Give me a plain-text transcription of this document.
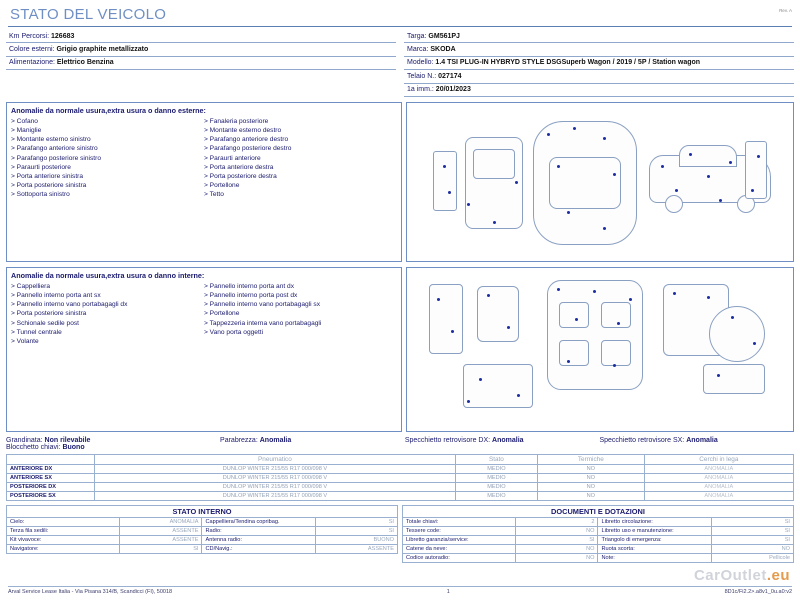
Rev. A
STATO DEL VEICOLO
Km Percorsi: 126683
Colore esterni: Grigio graphite metallizzato
Alimentazione: Elettrico Benzina
Targa: GM561PJ
Marca: SKODA
Modello: 1.4 TSI PLUG-IN HYBRYD STYLE DSGSuperb Wagon / 2019 / 5P / Station wagon
Telaio N.: 027174
1a imm.: 20/01/2023
Anomalie da normale usura,extra usura o danno esterne:
> Cofano
> Maniglie
> Montante esterno sinistro
> Parafango anteriore sinistro
> Parafango posteriore sinistro
> Paraurti posteriore
> Porta anteriore sinistra
> Porta posteriore sinistra
> Sottoporta sinistro
> Fanaleria posteriore
> Montante esterno destro
> Parafango anteriore destro
> Parafango posteriore destro
> Paraurti anteriore
> Porta anteriore destra
> Porta posteriore destra
> Portellone
> Tetto
Anomalie da normale usura,extra usura o danno interne:
> Cappelliera
> Pannello interno porta ant sx
> Pannello interno vano portabagagli dx
> Porta posteriore sinistra
> Schionale sedile post
> Tunnel centrale
> Volante
> Pannello interno porta ant dx
> Pannello interno porta post dx
> Pannello interno vano portabagagli sx
> Portellone
> Tappezzeria interna vano portabagagli
> Vano porta oggetti
Grandinata: Non rilevabile
Blocchetto chiavi: Buono
Parabrezza: Anomalia	Specchietto retrovisore DX: Anomalia	Specchietto retrovisore SX: Anomalia
	Pneumatico	Stato	Termiche	Cerchi in lega
ANTERIORE DX	DUNLOP WINTER 215/55 R17 000/098 V	MEDIO	NO	ANOMALIA
ANTERIORE SX	DUNLOP WINTER 215/55 R17 000/098 V	MEDIO	NO	ANOMALIA
POSTERIORE DX	DUNLOP WINTER 215/55 R17 000/098 V	MEDIO	NO	ANOMALIA
POSTERIORE SX	DUNLOP WINTER 215/55 R17 000/098 V	MEDIO	NO	ANOMALIA
STATO INTERNO
Cielo:	ANOMALIA	Cappelliera/Tendina copribag.	SI
Terza fila sedili:	ASSENTE	Radio:	SI
Kit vivavoce:	ASSENTE	Antenna radio:	BUONO
Navigatore:	SI	CD/Navig.:	ASSENTE
DOCUMENTI E DOTAZIONI
Totale chiavi:	2	Libretto circolazione:	SI
Tessere code:	NO	Libretto uso e manutenzione:	SI
Libretto garanzia/service:	SI	Triangolo di emergenza:	SI
Catene da neve:	NO	Ruota scorta:	NO
Codice autoradio:	NO	Note:	Pellicole
CarOutlet.eu
Arval Service Lease Italia - Via Pisana 314/B, Scandicci (FI), 50018	1	8D1c/Fi2.2>.a8v1_0u.a0:v2
